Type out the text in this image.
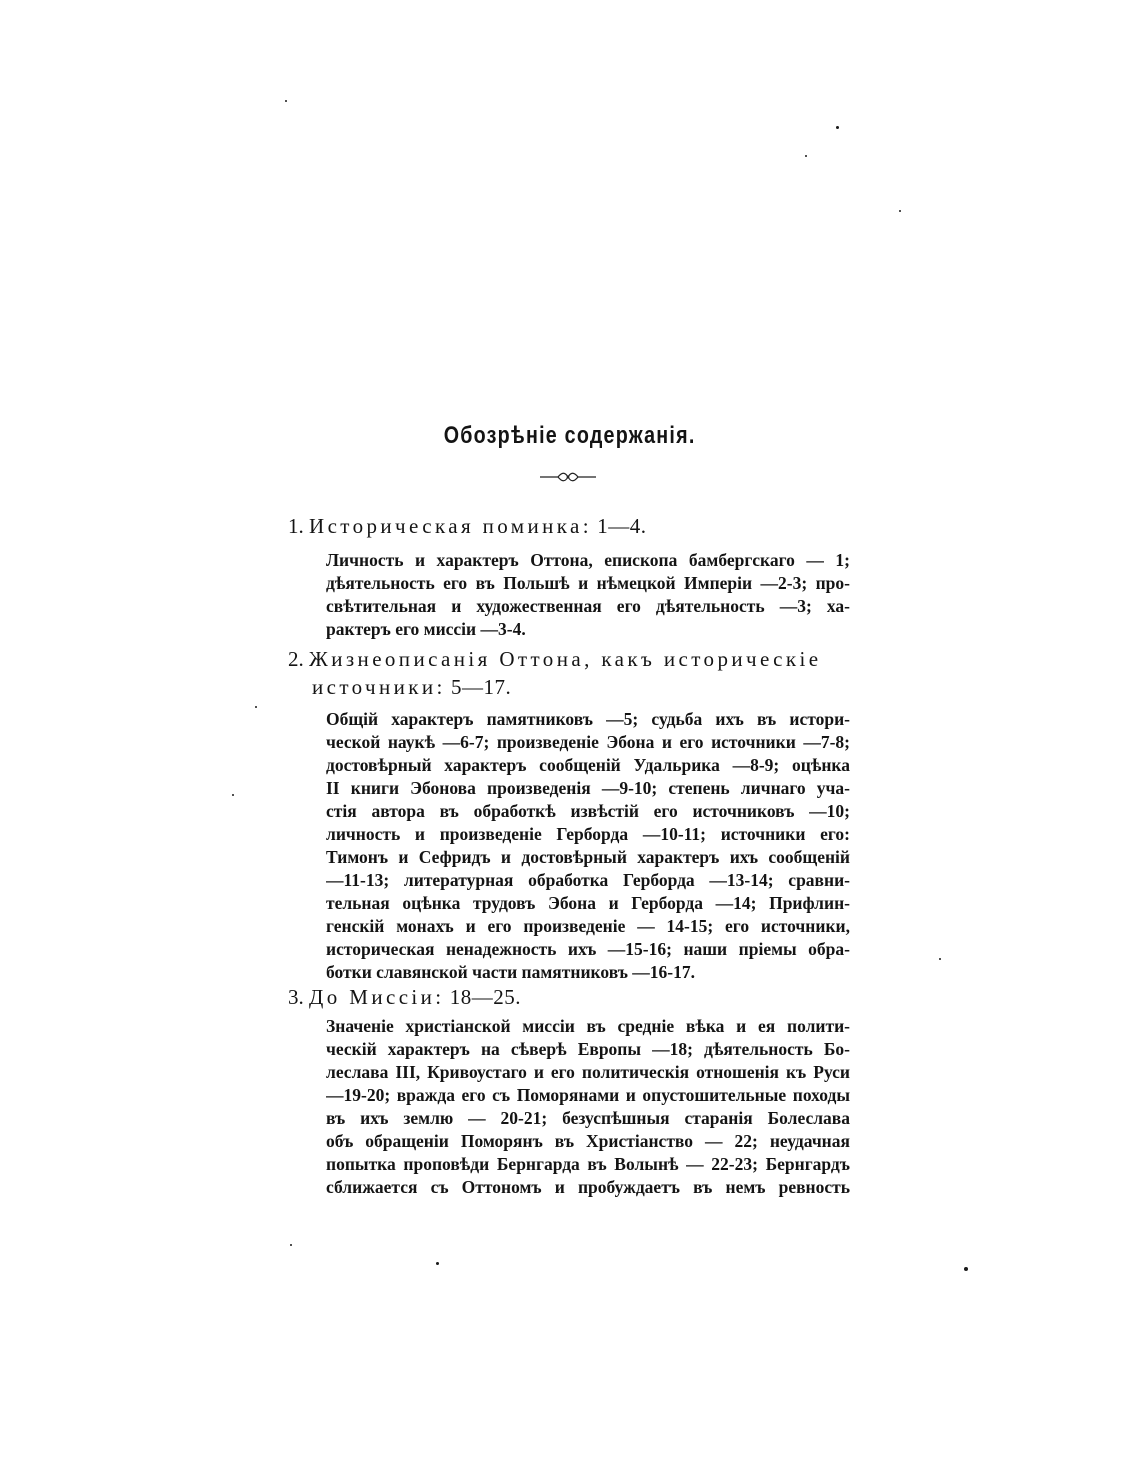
Обозрѣніе содержанія.
1. Историческая поминка: 1—4.
Личность и характеръ Оттона, епископа бамбергскаго — 1;
дѣятельность его въ Польшѣ и нѣмецкой Имперіи —2-3; про-
свѣтительная и художественная его дѣятельность —3; ха-
рактеръ его миссіи —3-4.
2. Жизнеописанія Оттона, какъ историческіе
источники: 5—17.
Общій характеръ памятниковъ —5; судьба ихъ въ истори-
ческой наукѣ —6-7; произведеніе Эбона и его источники —7-8;
достовѣрный характеръ сообщеній Удальрика —8-9; оцѣнка
II книги Эбонова произведенія —9-10; степень личнаго уча-
стія автора въ обработкѣ извѣстій его источниковъ —10;
личность и произведеніе Герборда —10-11; источники его:
Тимонъ и Сефридъ и достовѣрный характеръ ихъ сообщеній
—11-13; литературная обработка Герборда —13-14; сравни-
тельная оцѣнка трудовъ Эбона и Герборда —14; Прифлин-
генскій монахъ и его произведеніе — 14-15; его источники,
историческая ненадежность ихъ —15-16; наши пріемы обра-
ботки славянской части памятниковъ —16-17.
3. До Миссіи: 18—25.
Значеніе христіанской миссіи въ средніе вѣка и ея полити-
ческій характеръ на сѣверѣ Европы —18; дѣятельность Бо-
леслава III, Кривоустаго и его политическія отношенія къ Руси
—19-20; вражда его съ Поморянами и опустошительные походы
въ ихъ землю — 20-21; безуспѣшныя старанія Болеслава
объ обращеніи Поморянъ въ Христіанство — 22; неудачная
попытка проповѣди Бернгарда въ Волынѣ — 22-23; Бернгардъ
сближается съ Оттономъ и пробуждаетъ въ немъ ревность
